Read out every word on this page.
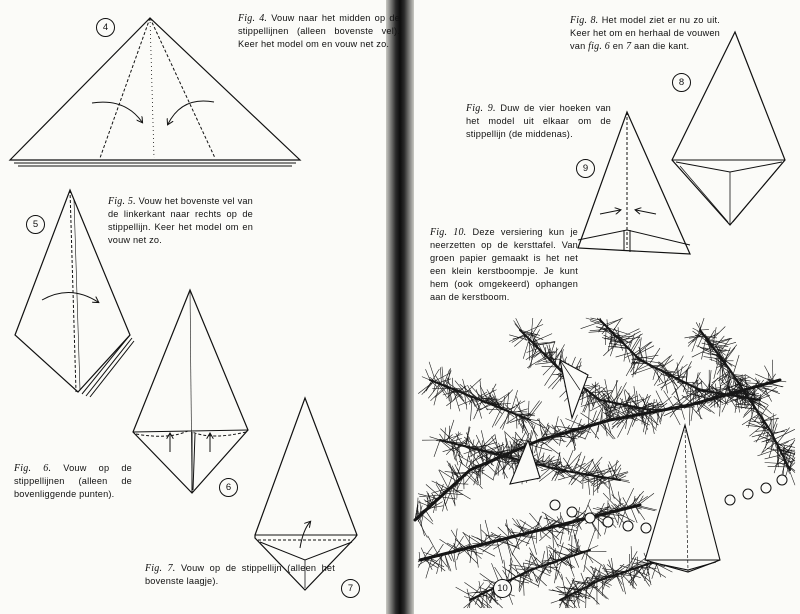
Fig. 4. Vouw naar het midden op de stippellijnen (alleen bovenste vel). Keer het model om en vouw net zo.
Fig. 5. Vouw het bovenste vel van de linkerkant naar rechts op de stippellijn. Keer het model om en vouw net zo.
Fig. 6. Vouw op de stippellijnen (alleen de bovenliggende punten).
Fig. 7. Vouw op de stippellijn (alleen het bovenste laagje).
Fig. 8. Het model ziet er nu zo uit. Keer het om en herhaal de vouwen van fig. 6 en 7 aan die kant.
Fig. 9. Duw de vier hoeken van het model uit elkaar om de stippellijn (de middenas).
Fig. 10. Deze versiering kun je neerzetten op de kersttafel. Van groen papier gemaakt is het net een klein kerstboompje. Je kunt hem (ook omgekeerd) ophangen aan de kerstboom.
4
5
6
7
8
9
10
